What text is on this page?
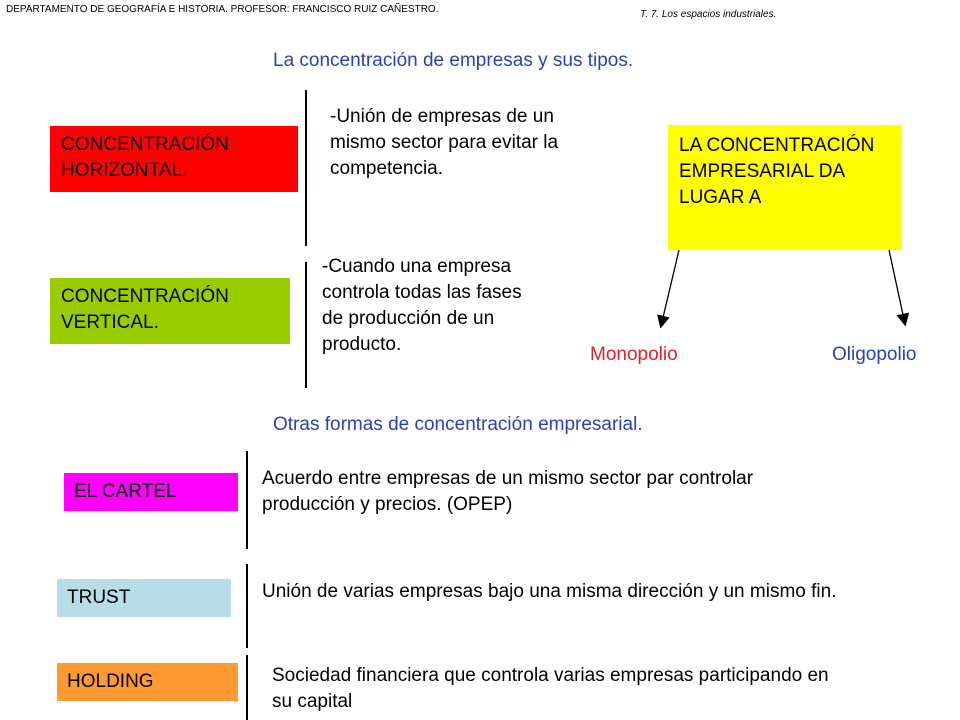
DEPARTAMENTO DE GEOGRAFÍA E HISTORIA. PROFESOR: FRANCISCO RUIZ CAÑESTRO.	T. 7. Los espacios industriales.
La concentración de empresas y sus tipos.
CONCENTRACIÓN HORIZONTAL.
-Unión de empresas de un mismo sector para evitar la competencia.
CONCENTRACIÓN VERTICAL.
-Cuando una empresa controla todas las fases de producción de un producto.
LA CONCENTRACIÓN EMPRESARIAL DA LUGAR A
Monopolio	Oligopolio
Otras formas de concentración empresarial.
EL CARTEL
Acuerdo entre empresas de un mismo sector par controlar producción y precios. (OPEP)
TRUST	Unión de varias empresas bajo una misma dirección y un mismo fin.
HOLDING	Sociedad financiera que controla varias empresas participando en su capital
